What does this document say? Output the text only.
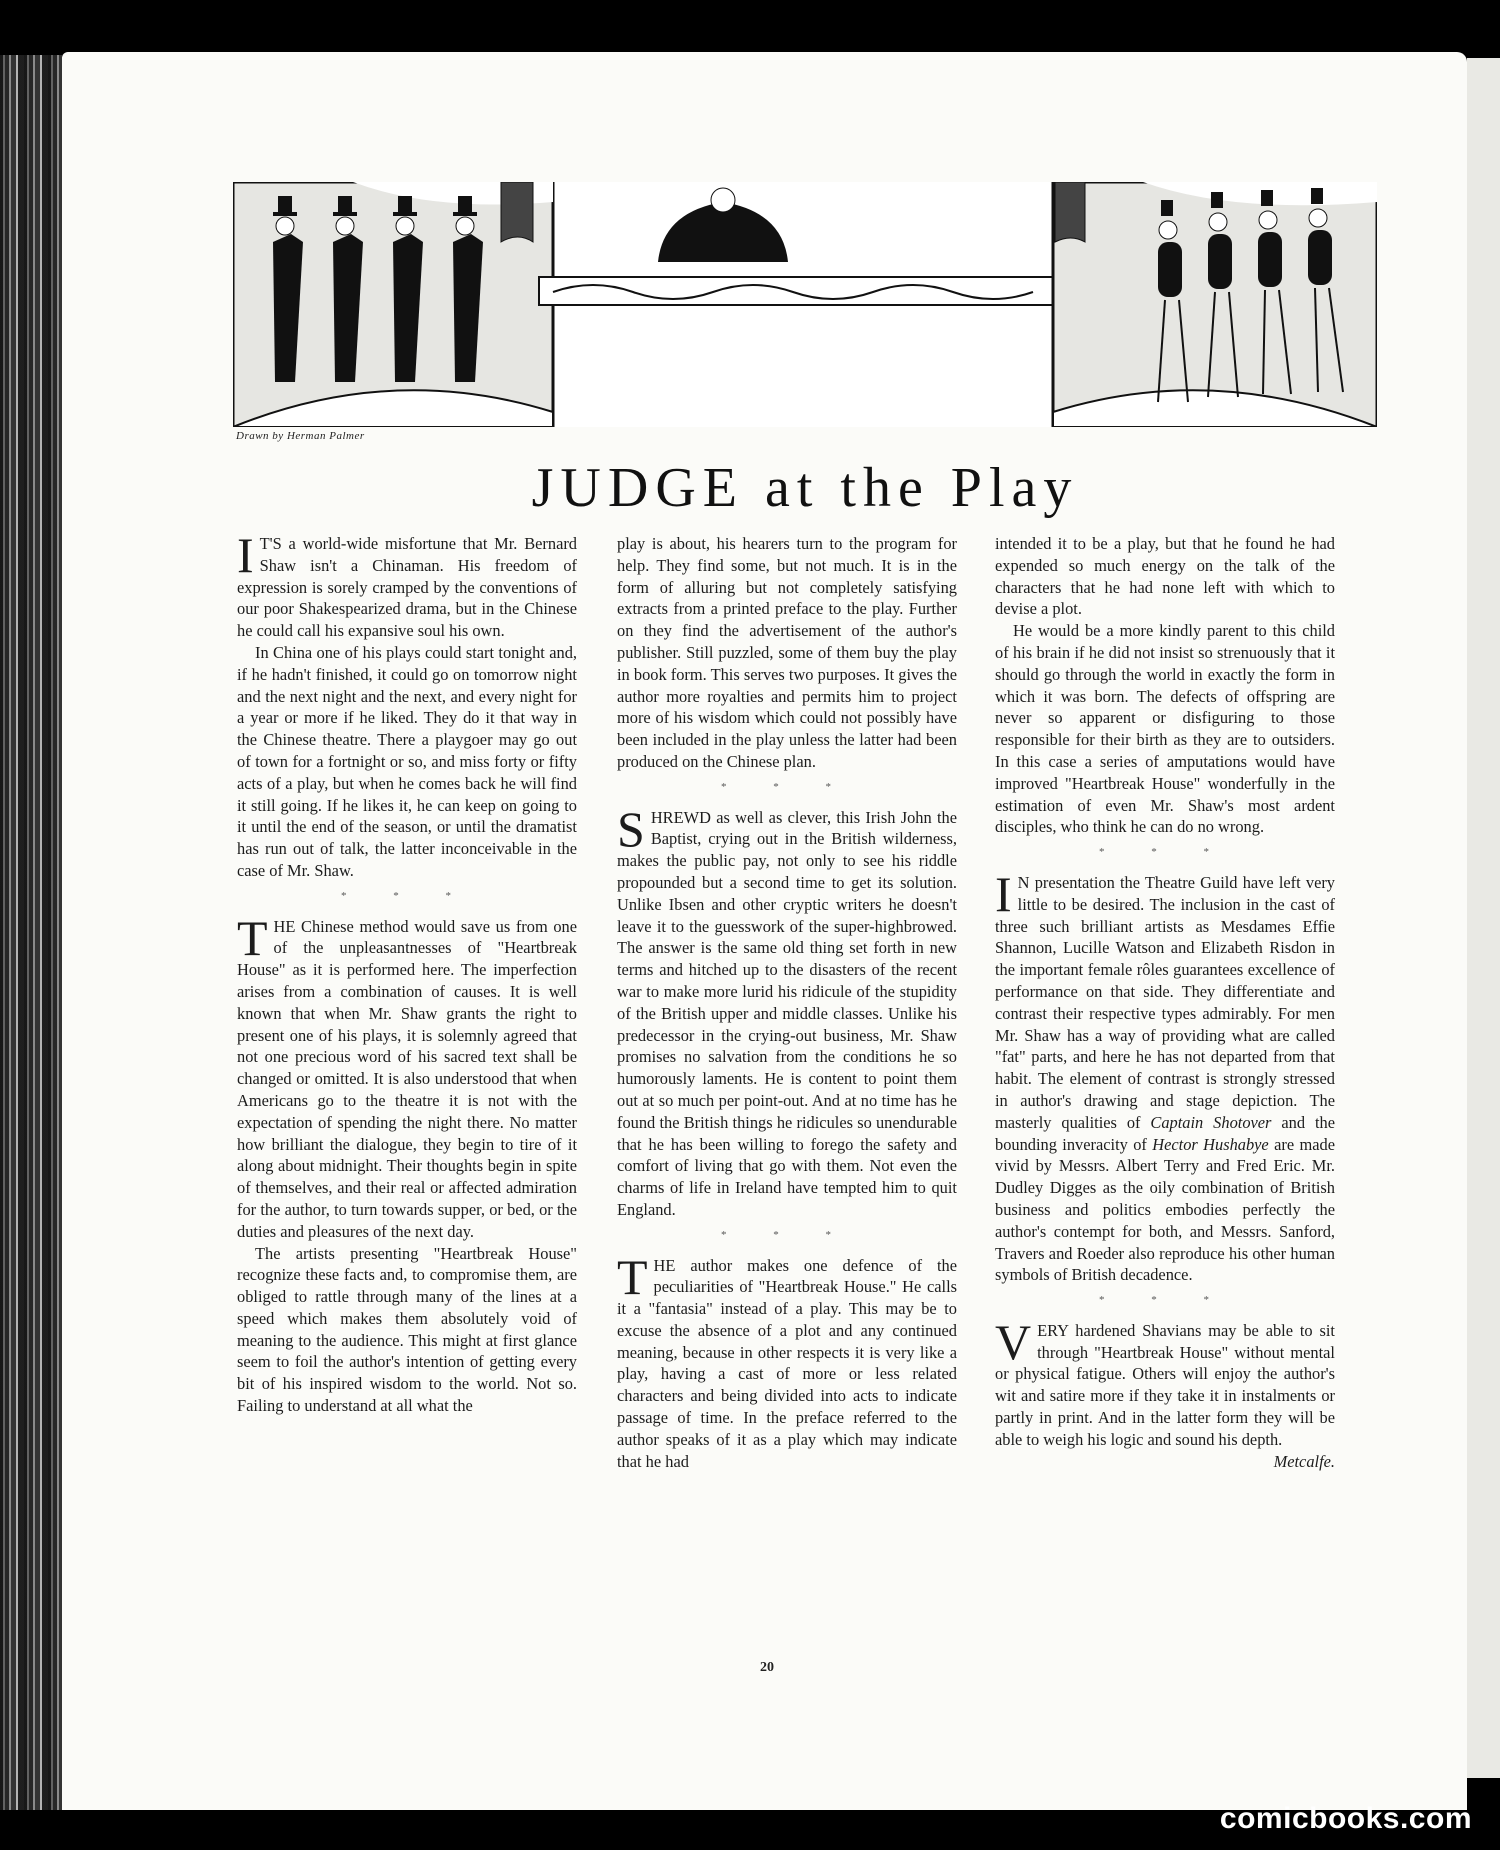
Drawn by Herman Palmer
JUDGE at the Play

I T'S a world-wide misfortune that Mr. Bernard Shaw isn't a Chinaman. His freedom of expression is sorely cramped by the conventions of our poor Shakespearized drama, but in the Chinese he could call his expansive soul his own.

In China one of his plays could start tonight and, if he hadn't finished, it could go on tomorrow night and the next night and the next, and every night for a year or more if he liked. They do it that way in the Chinese theatre. There a playgoer may go out of town for a fortnight or so, and miss forty or fifty acts of a play, but when he comes back he will find it still going. If he likes it, he can keep on going to it until the end of the season, or until the dramatist has run out of talk, the latter inconceivable in the case of Mr. Shaw.

* * *

THE Chinese method would save us from one of the unpleasantnesses of "Heartbreak House" as it is performed here. The imperfection arises from a combination of causes. It is well known that when Mr. Shaw grants the right to present one of his plays, it is solemnly agreed that not one precious word of his sacred text shall be changed or omitted. It is also understood that when Americans go to the theatre it is not with the expectation of spending the night there. No matter how brilliant the dialogue, they begin to tire of it along about midnight. Their thoughts begin in spite of themselves, and their real or affected admiration for the author, to turn towards supper, or bed, or the duties and pleasures of the next day.

The artists presenting "Heartbreak House" recognize these facts and, to compromise them, are obliged to rattle through many of the lines at a speed which makes them absolutely void of meaning to the audience. This might at first glance seem to foil the author's intention of getting every bit of his inspired wisdom to the world. Not so. Failing to understand at all what the

play is about, his hearers turn to the program for help. They find some, but not much. It is in the form of alluring but not completely satisfying extracts from a printed preface to the play. Further on they find the advertisement of the author's publisher. Still puzzled, some of them buy the play in book form. This serves two purposes. It gives the author more royalties and permits him to project more of his wisdom which could not possibly have been included in the play unless the latter had been produced on the Chinese plan.

* * *

SHREWD as well as clever, this Irish John the Baptist, crying out in the British wilderness, makes the public pay, not only to see his riddle propounded but a second time to get its solution. Unlike Ibsen and other cryptic writers he doesn't leave it to the guesswork of the super-highbrowed. The answer is the same old thing set forth in new terms and hitched up to the disasters of the recent war to make more lurid his ridicule of the stupidity of the British upper and middle classes. Unlike his predecessor in the crying-out business, Mr. Shaw promises no salvation from the conditions he so humorously laments. He is content to point them out at so much per point-out. And at no time has he found the British things he ridicules so unendurable that he has been willing to forego the safety and comfort of living that go with them. Not even the charms of life in Ireland have tempted him to quit England.

* * *

THE author makes one defence of the peculiarities of "Heartbreak House." He calls it a "fantasia" instead of a play. This may be to excuse the absence of a plot and any continued meaning, because in other respects it is very like a play, having a cast of more or less related characters and being divided into acts to indicate passage of time. In the preface referred to the author speaks of it as a play which may indicate that he had

intended it to be a play, but that he found he had expended so much energy on the talk of the characters that he had none left with which to devise a plot.

He would be a more kindly parent to this child of his brain if he did not insist so strenuously that it should go through the world in exactly the form in which it was born. The defects of offspring are never so apparent or disfiguring to those responsible for their birth as they are to outsiders. In this case a series of amputations would have improved "Heartbreak House" wonderfully in the estimation of even Mr. Shaw's most ardent disciples, who think he can do no wrong.

* * *

I N presentation the Theatre Guild have left very little to be desired. The inclusion in the cast of three such brilliant artists as Mesdames Effie Shannon, Lucille Watson and Elizabeth Risdon in the important female rôles guarantees excellence of performance on that side. They differentiate and contrast their respective types admirably. For men Mr. Shaw has a way of providing what are called "fat" parts, and here he has not departed from that habit. The element of contrast is strongly stressed in author's drawing and stage depiction. The masterly qualities of Captain Shotover and the bounding inveracity of Hector Hushabye are made vivid by Messrs. Albert Terry and Fred Eric. Mr. Dudley Digges as the oily combination of British business and politics embodies perfectly the author's contempt for both, and Messrs. Sanford, Travers and Roeder also reproduce his other human symbols of British decadence.

* * *

VERY hardened Shavians may be able to sit through "Heartbreak House" without mental or physical fatigue. Others will enjoy the author's wit and satire more if they take it in instalments or partly in print. And in the latter form they will be able to weigh his logic and sound his depth.
Metcalfe.

20
comicbooks.com
